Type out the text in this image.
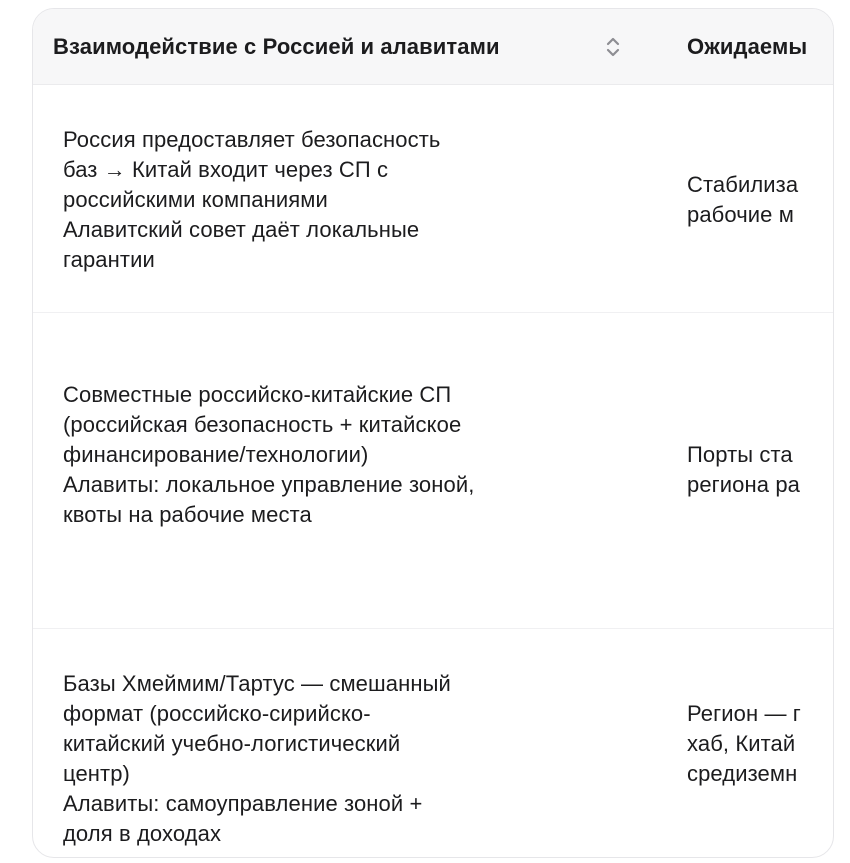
Взаимодействие с Россией и алавитами	Ожидаемы
Россия предоставляет безопасность
баз → Китай входит через СП с
российскими компаниями
Алавитский совет даёт локальные
гарантии
Стабилиза
рабочие м
Совместные российско-китайские СП
(российская безопасность + китайское
финансирование/технологии)
Алавиты: локальное управление зоной,
квоты на рабочие места
Порты ста
региона ра
Базы Хмеймим/Тартус — смешанный
формат (российско-сирийско-
китайский учебно-логистический
центр)
Алавиты: самоуправление зоной +
доля в доходах
Регион — г
хаб, Китай
средиземн
